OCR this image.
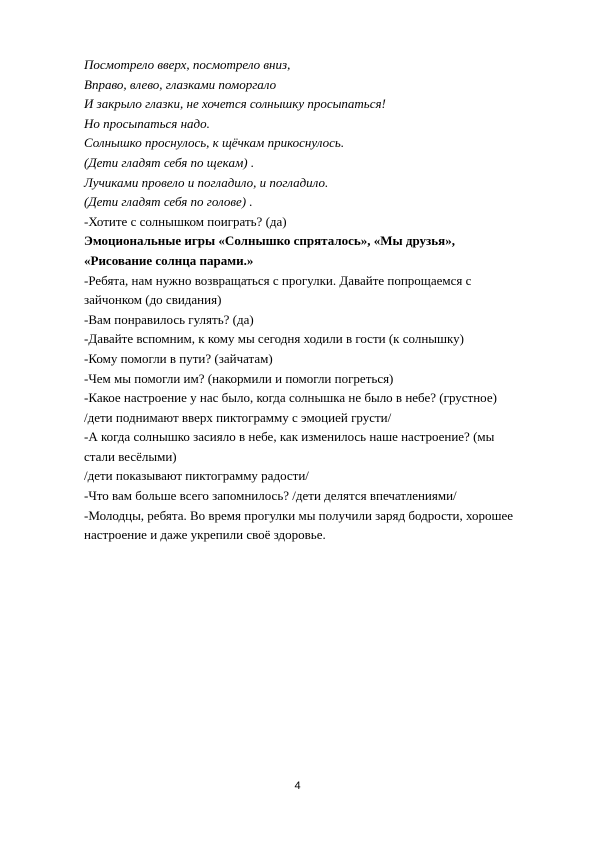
Посмотрело вверх, посмотрело вниз,
Вправо, влево, глазками поморгало
И закрыло глазки, не хочется солнышку просыпаться!
Но просыпаться надо.
Солнышко проснулось, к щёчкам прикоснулось.
(Дети гладят себя по щекам) .
Лучиками провело и погладило, и погладило.
(Дети гладят себя по голове) .
-Хотите с солнышком поиграть? (да)
Эмоциональные игры «Солнышко спряталось», «Мы друзья»,
«Рисование солнца парами.»
-Ребята, нам нужно возвращаться с прогулки. Давайте попрощаемся с
зайчонком (до свидания)
-Вам понравилось гулять? (да)
-Давайте вспомним, к кому мы сегодня ходили в гости (к солнышку)
-Кому помогли в пути? (зайчатам)
-Чем мы помогли им? (накормили и помогли погреться)
-Какое настроение у нас было, когда солнышка не было в небе? (грустное)
/дети поднимают вверх пиктограмму с эмоцией грусти/
-А когда солнышко засияло в небе, как изменилось наше настроение? (мы
стали весёлыми)
/дети показывают пиктограмму радости/
-Что вам больше всего запомнилось? /дети делятся впечатлениями/
-Молодцы, ребята. Во время прогулки мы получили заряд бодрости, хорошее
настроение и даже укрепили своё здоровье.
4
